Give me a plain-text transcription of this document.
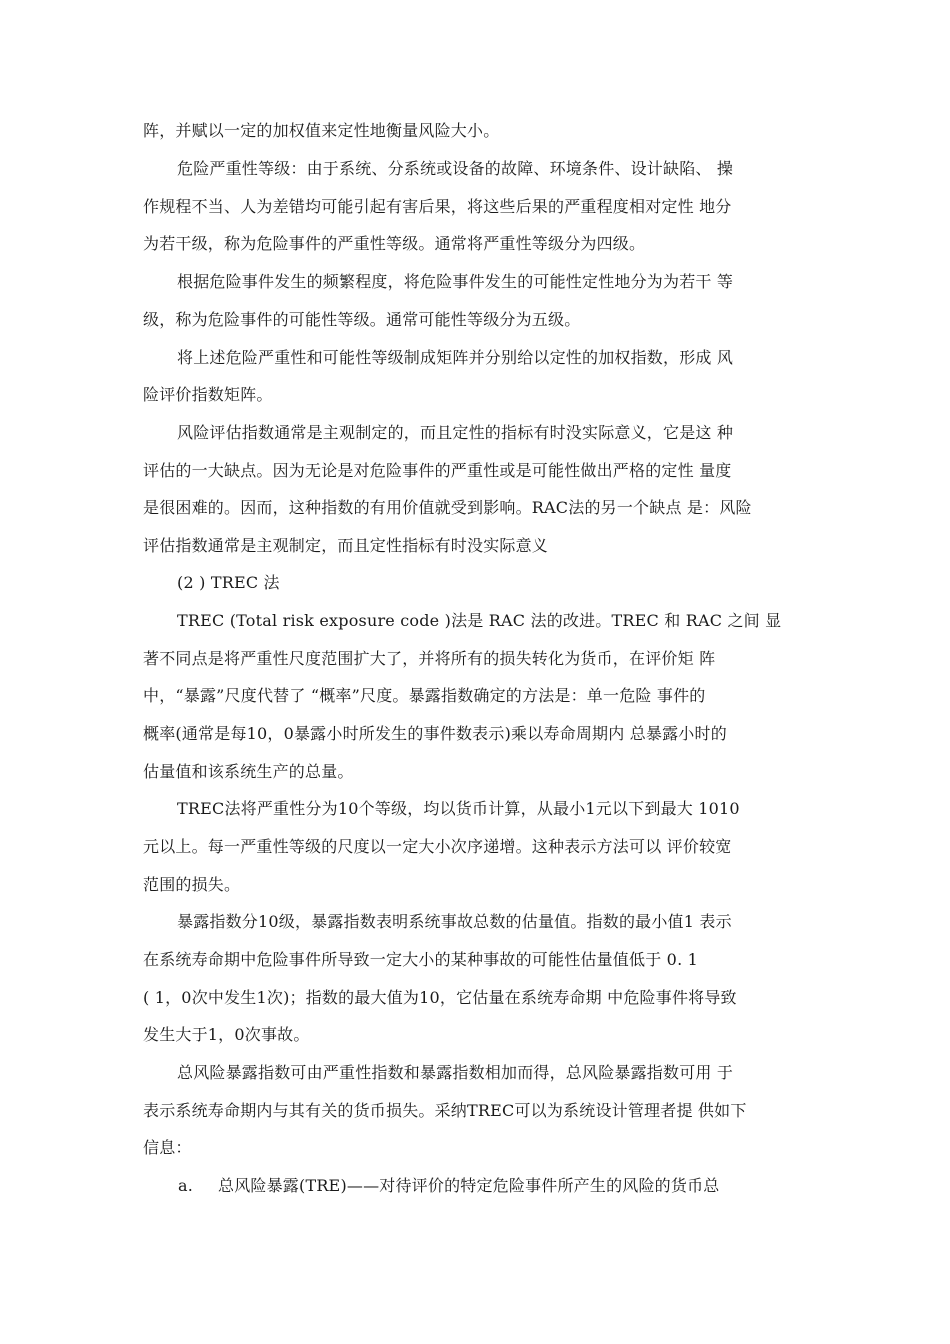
阵，并赋以一定的加权值来定性地衡量风险大小。
危险严重性等级：由于系统、分系统或设备的故障、环境条件、设计缺陷、 操
作规程不当、人为差错均可能引起有害后果，将这些后果的严重程度相对定性 地分
为若干级，称为危险事件的严重性等级。通常将严重性等级分为四级。
根据危险事件发生的频繁程度，将危险事件发生的可能性定性地分为为若干 等
级，称为危险事件的可能性等级。通常可能性等级分为五级。
将上述危险严重性和可能性等级制成矩阵并分别给以定性的加权指数，形成 风
险评价指数矩阵。
风险评估指数通常是主观制定的，而且定性的指标有时没实际意义，它是这 种
评估的一大缺点。因为无论是对危险事件的严重性或是可能性做出严格的定性 量度
是很困难的。因而，这种指数的有用价值就受到影响。RAC法的另一个缺点 是：风险
评估指数通常是主观制定，而且定性指标有时没实际意义
(2 ) TREC 法
TREC (Total risk exposure code )法是 RAC 法的改进。TREC 和 RAC 之间 显
著不同点是将严重性尺度范围扩大了，并将所有的损失转化为货币，在评价矩 阵
中，“暴露”尺度代替了 “概率”尺度。暴露指数确定的方法是：单一危险 事件的
概率(通常是每10，0暴露小时所发生的事件数表示)乘以寿命周期内 总暴露小时的
估量值和该系统生产的总量。
TREC法将严重性分为10个等级，均以货币计算，从最小1元以下到最大 1010
元以上。每一严重性等级的尺度以一定大小次序递增。这种表示方法可以 评价较宽
范围的损失。
暴露指数分10级，暴露指数表明系统事故总数的估量值。指数的最小值1 表示
在系统寿命期中危险事件所导致一定大小的某种事故的可能性估量值低于 0. 1
( 1，0次中发生1次)；指数的最大值为10，它估量在系统寿命期 中危险事件将导致
发生大于1，0次事故。
总风险暴露指数可由严重性指数和暴露指数相加而得，总风险暴露指数可用 于
表示系统寿命期内与其有关的货币损失。采纳TREC可以为系统设计管理者提 供如下
信息：
a. 总风险暴露(TRE)——对待评价的特定危险事件所产生的风险的货币总
